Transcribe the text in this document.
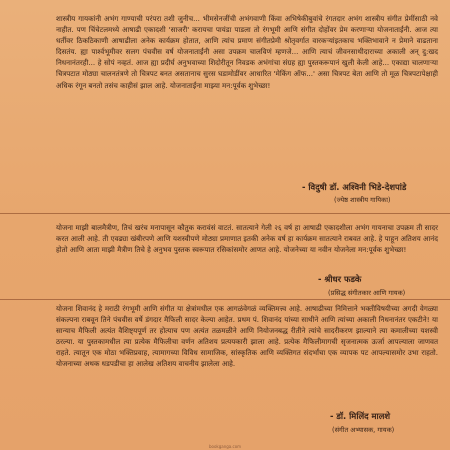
शास्त्रीय गायकांनी अभंग गाण्याची परंपरा तशी जुनीच... भीमसेनजींची अभंगवाणी किंवा अभिषेकीबुवांचे रंगतदार अभंग शास्त्रीय संगीत प्रेमींसाठी नवे नाहीत. पण चिंचेटलमध्ये आषाढी एकादशी 'साजरी' करायचा पायंडा पाडला तो रंगभूमी आणि संगीत दोहोंवर प्रेम करणाऱ्या योजनाताईंनी. आज त्या धर्तीवर ठिकठिकाणी आषाढीला अनेक कार्यक्रम होतात, आणि त्यांच प्रमाण संगीतप्रेमी श्रोतृवर्गात वारकऱ्यांइतकाच भक्तिभावाने न प्रेमाने वाढताना दिसतंय. ह्या पार्श्वभूमीवर सलग पंचवीस वर्ष योजनाताईंनी असा उपक्रम चालविणं म्हणजे... आणि त्याचं जीवनसाथीदाराच्या अकाली अन् दु:खद निधनानंतरही... हे सोपं नव्हतं. आज ह्या प्रदीर्घ अनुभवाच्या शिदोरीतून निवडक अभंगांचा संग्रह ह्या पुस्तकरूपानं खुली केली आहे... एकाद्या चालणाऱ्या चित्रपटात मोठ्या चालनतंत्रणे तो चित्रपट बनत असतानाच सुरस घडामोडींवर आधारित 'मेकिंग ऑफ...' असा चित्रपट बेता आणि तो मूळ चित्रपटापेक्षाही अधिक रंगून बनतो तसंच काहीसं झाल आहे. योजनाताईंना माझ्या मन:पूर्वक शुभेच्छा!

- विदुषी डॉ. अश्विनी भिडे-देशपांडे
(ज्येष्ठ शास्त्रीय गायिका)

योजना माझी बालमैत्रीण, तिचं खरंच मनापासून कौतुक करावंसं वाटतं. सातत्याने गेली २६ वर्ष हा आषाढी एकादशीला अभंग गायनाचा उपक्रम ती सादर करत आली आहे. ती एवढ्या खंबीरपणे आणि यशस्वीपणे मोठ्या प्रमाणात इतकी अनेक वर्ष हा कार्यक्रम सातत्याने राबवत आहे. हे पाहून अतिशय आनंद होतो आणि आता माझी मैत्रीण तिचे हे अनुभव पुस्तक स्वरूपात रसिकांसमोर आणत आहे. योजनेच्या या नवीन योजनेला मन:पूर्वक शुभेच्छा!

- श्रीधर फडके
(प्रसिद्ध संगीतकार आणि गायक)

योजना शिवानंद हे मराठी रंगभूमी आणि संगीत या क्षेत्रांमधील एक आगळंवेगळं व्यक्तिमत्त्व आहे. आषाढीच्या निमित्ताने भक्तीविषयीच्या अगदी वेगळ्या संकल्पना राबवून तिने पंचवीस वर्षे डंगदार मैफिली सादर केल्या आहेत. प्रथम पं. शिवानंद यांच्या साथीने आणि त्यांच्या अकाली निधनानंतर एकटीने! या सान्याच मैफिली अत्यंत वैशिष्ट्यपूर्ण तर होत्याच पण अत्यंत तळमळीने आणि नियोजनबद्ध रीतीने त्यांचे सादरीकरण झाल्याने त्या कमालीच्या यशस्वी ठरल्या. या पुस्तकामधील त्या प्रत्येक मैफिलीचा वर्णन अतिशय प्रत्ययकारी झाला आहे. प्रत्येक मैफिलीमागची सृजनात्मक ऊर्जा आपल्याला जाणवत राहते. त्यातून एक मोठा भक्तिप्रवाह, त्यामागच्या विविध सामाजिक, सांस्कृतिक आणि व्यक्तिगत संदर्भांचा एक व्यापक पट आपल्यासमोर उभा राहतो. योजनाच्या अथक धडपडीचा हा आलेख अतिशय वाचनीय झालेला आहे.

- डॉ. मिलिंद मालशे
(संगीत अभ्यासक, गायक)
bookganga.com
